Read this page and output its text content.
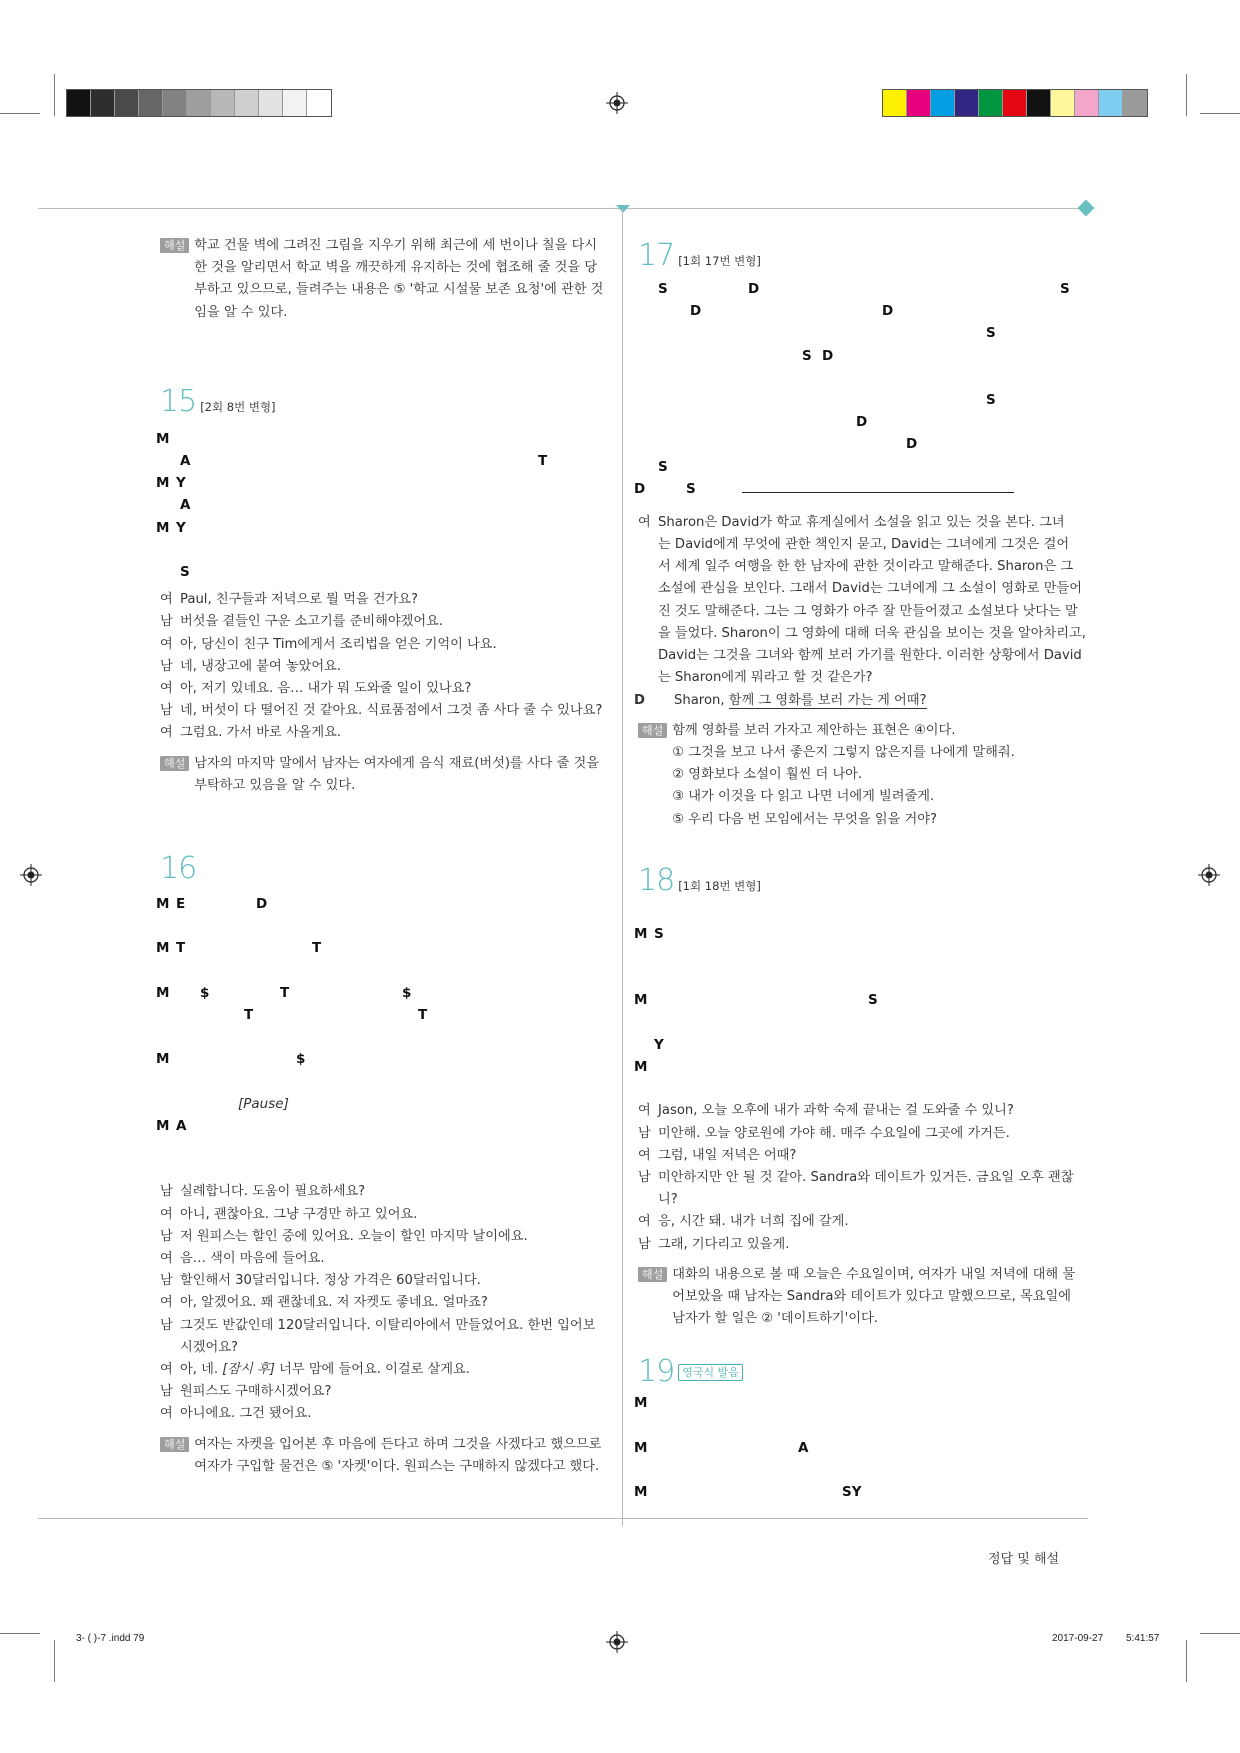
해설 학교 건물 벽에 그려진 그림을 지우기 위해 최근에 세 번이나 칠을 다시
한 것을 알리면서 학교 벽을 깨끗하게 유지하는 것에 협조해 줄 것을 당
부하고 있으므로, 들려주는 내용은 ⑤ '학교 시설물 보존 요청'에 관한 것
임을 알 수 있다.
15 [2회 8번 변형]
M
A	T
M Y
A
M Y
S
여 Paul, 친구들과 저녁으로 뭘 먹을 건가요?
남 버섯을 곁들인 구운 소고기를 준비해야겠어요.
여 아, 당신이 친구 Tim에게서 조리법을 얻은 기억이 나요.
남 네, 냉장고에 붙여 놓았어요.
여 아, 저기 있네요. 음… 내가 뭐 도와줄 일이 있나요?
남 네, 버섯이 다 떨어진 것 같아요. 식료품점에서 그것 좀 사다 줄 수 있나요?
여 그럼요. 가서 바로 사올게요.
해설 남자의 마지막 말에서 남자는 여자에게 음식 재료(버섯)를 사다 줄 것을
부탁하고 있음을 알 수 있다.
16
M E	D
M T	T
M $	T	$
T	T
M	$
[Pause]
M A
남 실례합니다. 도움이 필요하세요?
여 아니, 괜찮아요. 그냥 구경만 하고 있어요.
남 저 원피스는 할인 중에 있어요. 오늘이 할인 마지막 날이에요.
여 음… 색이 마음에 들어요.
남 할인해서 30달러입니다. 정상 가격은 60달러입니다.
여 아, 알겠어요. 꽤 괜찮네요. 저 자켓도 좋네요. 얼마죠?
남 그것도 반값인데 120달러입니다. 이탈리아에서 만들었어요. 한번 입어보시겠어요?
여 아, 네. [잠시 후] 너무 맘에 들어요. 이걸로 살게요.
남 원피스도 구매하시겠어요?
여 아니에요. 그건 됐어요.
해설 여자는 자켓을 입어본 후 마음에 든다고 하며 그것을 사겠다고 했으므로
여자가 구입할 물건은 ⑤ '자켓'이다. 원피스는 구매하지 않겠다고 했다.
17 [1회 17번 변형]
S	D	S
D	D
S
S D
S
D
D
S
D	S
여 Sharon은 David가 학교 휴게실에서 소설을 읽고 있는 것을 본다. 그녀
는 David에게 무엇에 관한 책인지 묻고, David는 그녀에게 그것은 걸어
서 세계 일주 여행을 한 한 남자에 관한 것이라고 말해준다. Sharon은 그
소설에 관심을 보인다. 그래서 David는 그녀에게 그 소설이 영화로 만들어
진 것도 말해준다. 그는 그 영화가 아주 잘 만들어졌고 소설보다 낫다는 말
을 들었다. Sharon이 그 영화에 대해 더욱 관심을 보이는 것을 알아차리고,
David는 그것을 그녀와 함께 보러 가기를 원한다. 이러한 상황에서 David
는 Sharon에게 뭐라고 할 것 같은가?
D	Sharon, 함께 그 영화를 보러 가는 게 어때?
해설 함께 영화를 보러 가자고 제안하는 표현은 ④이다.
① 그것을 보고 나서 좋은지 그렇지 않은지를 나에게 말해줘.
② 영화보다 소설이 훨씬 더 나아.
③ 내가 이것을 다 읽고 나면 너에게 빌려줄게.
⑤ 우리 다음 번 모임에서는 무엇을 읽을 거야?
18 [1회 18번 변형]
M S
M	S
Y
M
여 Jason, 오늘 오후에 내가 과학 숙제 끝내는 걸 도와줄 수 있니?
남 미안해. 오늘 양로원에 가야 해. 매주 수요일에 그곳에 가거든.
여 그럼, 내일 저녁은 어때?
남 미안하지만 안 될 것 같아. Sandra와 데이트가 있거든. 금요일 오후 괜찮니?
여 응, 시간 돼. 내가 너희 집에 갈게.
남 그래, 기다리고 있을게.
해설 대화의 내용으로 볼 때 오늘은 수요일이며, 여자가 내일 저녁에 대해 물
어보았을 때 남자는 Sandra와 데이트가 있다고 말했으므로, 목요일에
남자가 할 일은 ② '데이트하기'이다.
19 영국식 발음
M
M	A
M	SY
정답 및 해설
3- ( )-7 .indd 79	2017-09-27 5:41:57
